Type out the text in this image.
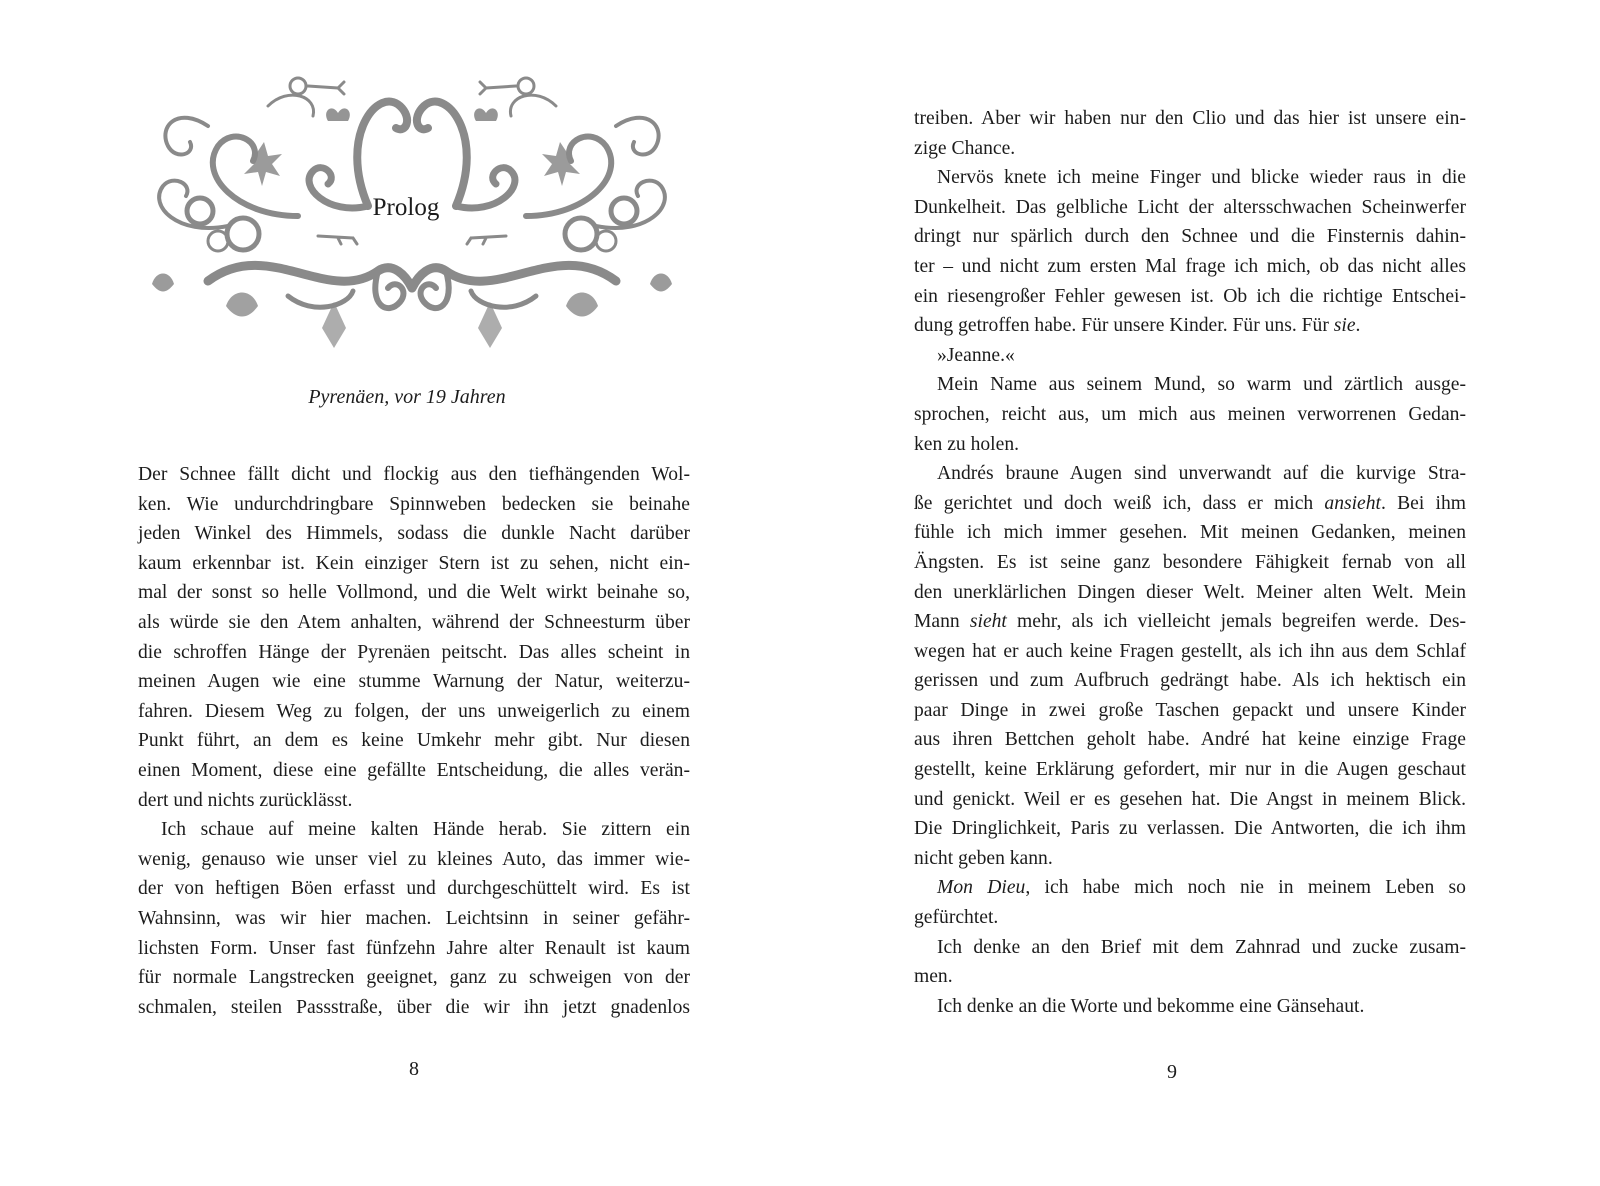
Prolog
Pyrenäen, vor 19 Jahren
Der Schnee fällt dicht und flockig aus den tiefhängenden Wol-
ken. Wie undurchdringbare Spinnweben bedecken sie beinahe
jeden Winkel des Himmels, sodass die dunkle Nacht darüber
kaum erkennbar ist. Kein einziger Stern ist zu sehen, nicht ein-
mal der sonst so helle Vollmond, und die Welt wirkt beinahe so,
als würde sie den Atem anhalten, während der Schneesturm über
die schroffen Hänge der Pyrenäen peitscht. Das alles scheint in
meinen Augen wie eine stumme Warnung der Natur, weiterzu-
fahren. Diesem Weg zu folgen, der uns unweigerlich zu einem
Punkt führt, an dem es keine Umkehr mehr gibt. Nur diesen
einen Moment, diese eine gefällte Entscheidung, die alles verän-
dert und nichts zurücklässt.
Ich schaue auf meine kalten Hände herab. Sie zittern ein
wenig, genauso wie unser viel zu kleines Auto, das immer wie-
der von heftigen Böen erfasst und durchgeschüttelt wird. Es ist
Wahnsinn, was wir hier machen. Leichtsinn in seiner gefähr-
lichsten Form. Unser fast fünfzehn Jahre alter Renault ist kaum
für normale Langstrecken geeignet, ganz zu schweigen von der
schmalen, steilen Passstraße, über die wir ihn jetzt gnadenlos
8
treiben. Aber wir haben nur den Clio und das hier ist unsere ein-
zige Chance.
Nervös knete ich meine Finger und blicke wieder raus in die
Dunkelheit. Das gelbliche Licht der altersschwachen Scheinwerfer
dringt nur spärlich durch den Schnee und die Finsternis dahin-
ter – und nicht zum ersten Mal frage ich mich, ob das nicht alles
ein riesengroßer Fehler gewesen ist. Ob ich die richtige Entschei-
dung getroffen habe. Für unsere Kinder. Für uns. Für sie.
»Jeanne.«
Mein Name aus seinem Mund, so warm und zärtlich ausge-
sprochen, reicht aus, um mich aus meinen verworrenen Gedan-
ken zu holen.
Andrés braune Augen sind unverwandt auf die kurvige Stra-
ße gerichtet und doch weiß ich, dass er mich ansieht. Bei ihm
fühle ich mich immer gesehen. Mit meinen Gedanken, meinen
Ängsten. Es ist seine ganz besondere Fähigkeit fernab von all
den unerklärlichen Dingen dieser Welt. Meiner alten Welt. Mein
Mann sieht mehr, als ich vielleicht jemals begreifen werde. Des-
wegen hat er auch keine Fragen gestellt, als ich ihn aus dem Schlaf
gerissen und zum Aufbruch gedrängt habe. Als ich hektisch ein
paar Dinge in zwei große Taschen gepackt und unsere Kinder
aus ihren Bettchen geholt habe. André hat keine einzige Frage
gestellt, keine Erklärung gefordert, mir nur in die Augen geschaut
und genickt. Weil er es gesehen hat. Die Angst in meinem Blick.
Die Dringlichkeit, Paris zu verlassen. Die Antworten, die ich ihm
nicht geben kann.
Mon Dieu, ich habe mich noch nie in meinem Leben so
gefürchtet.
Ich denke an den Brief mit dem Zahnrad und zucke zusam-
men.
Ich denke an die Worte und bekomme eine Gänsehaut.
9
